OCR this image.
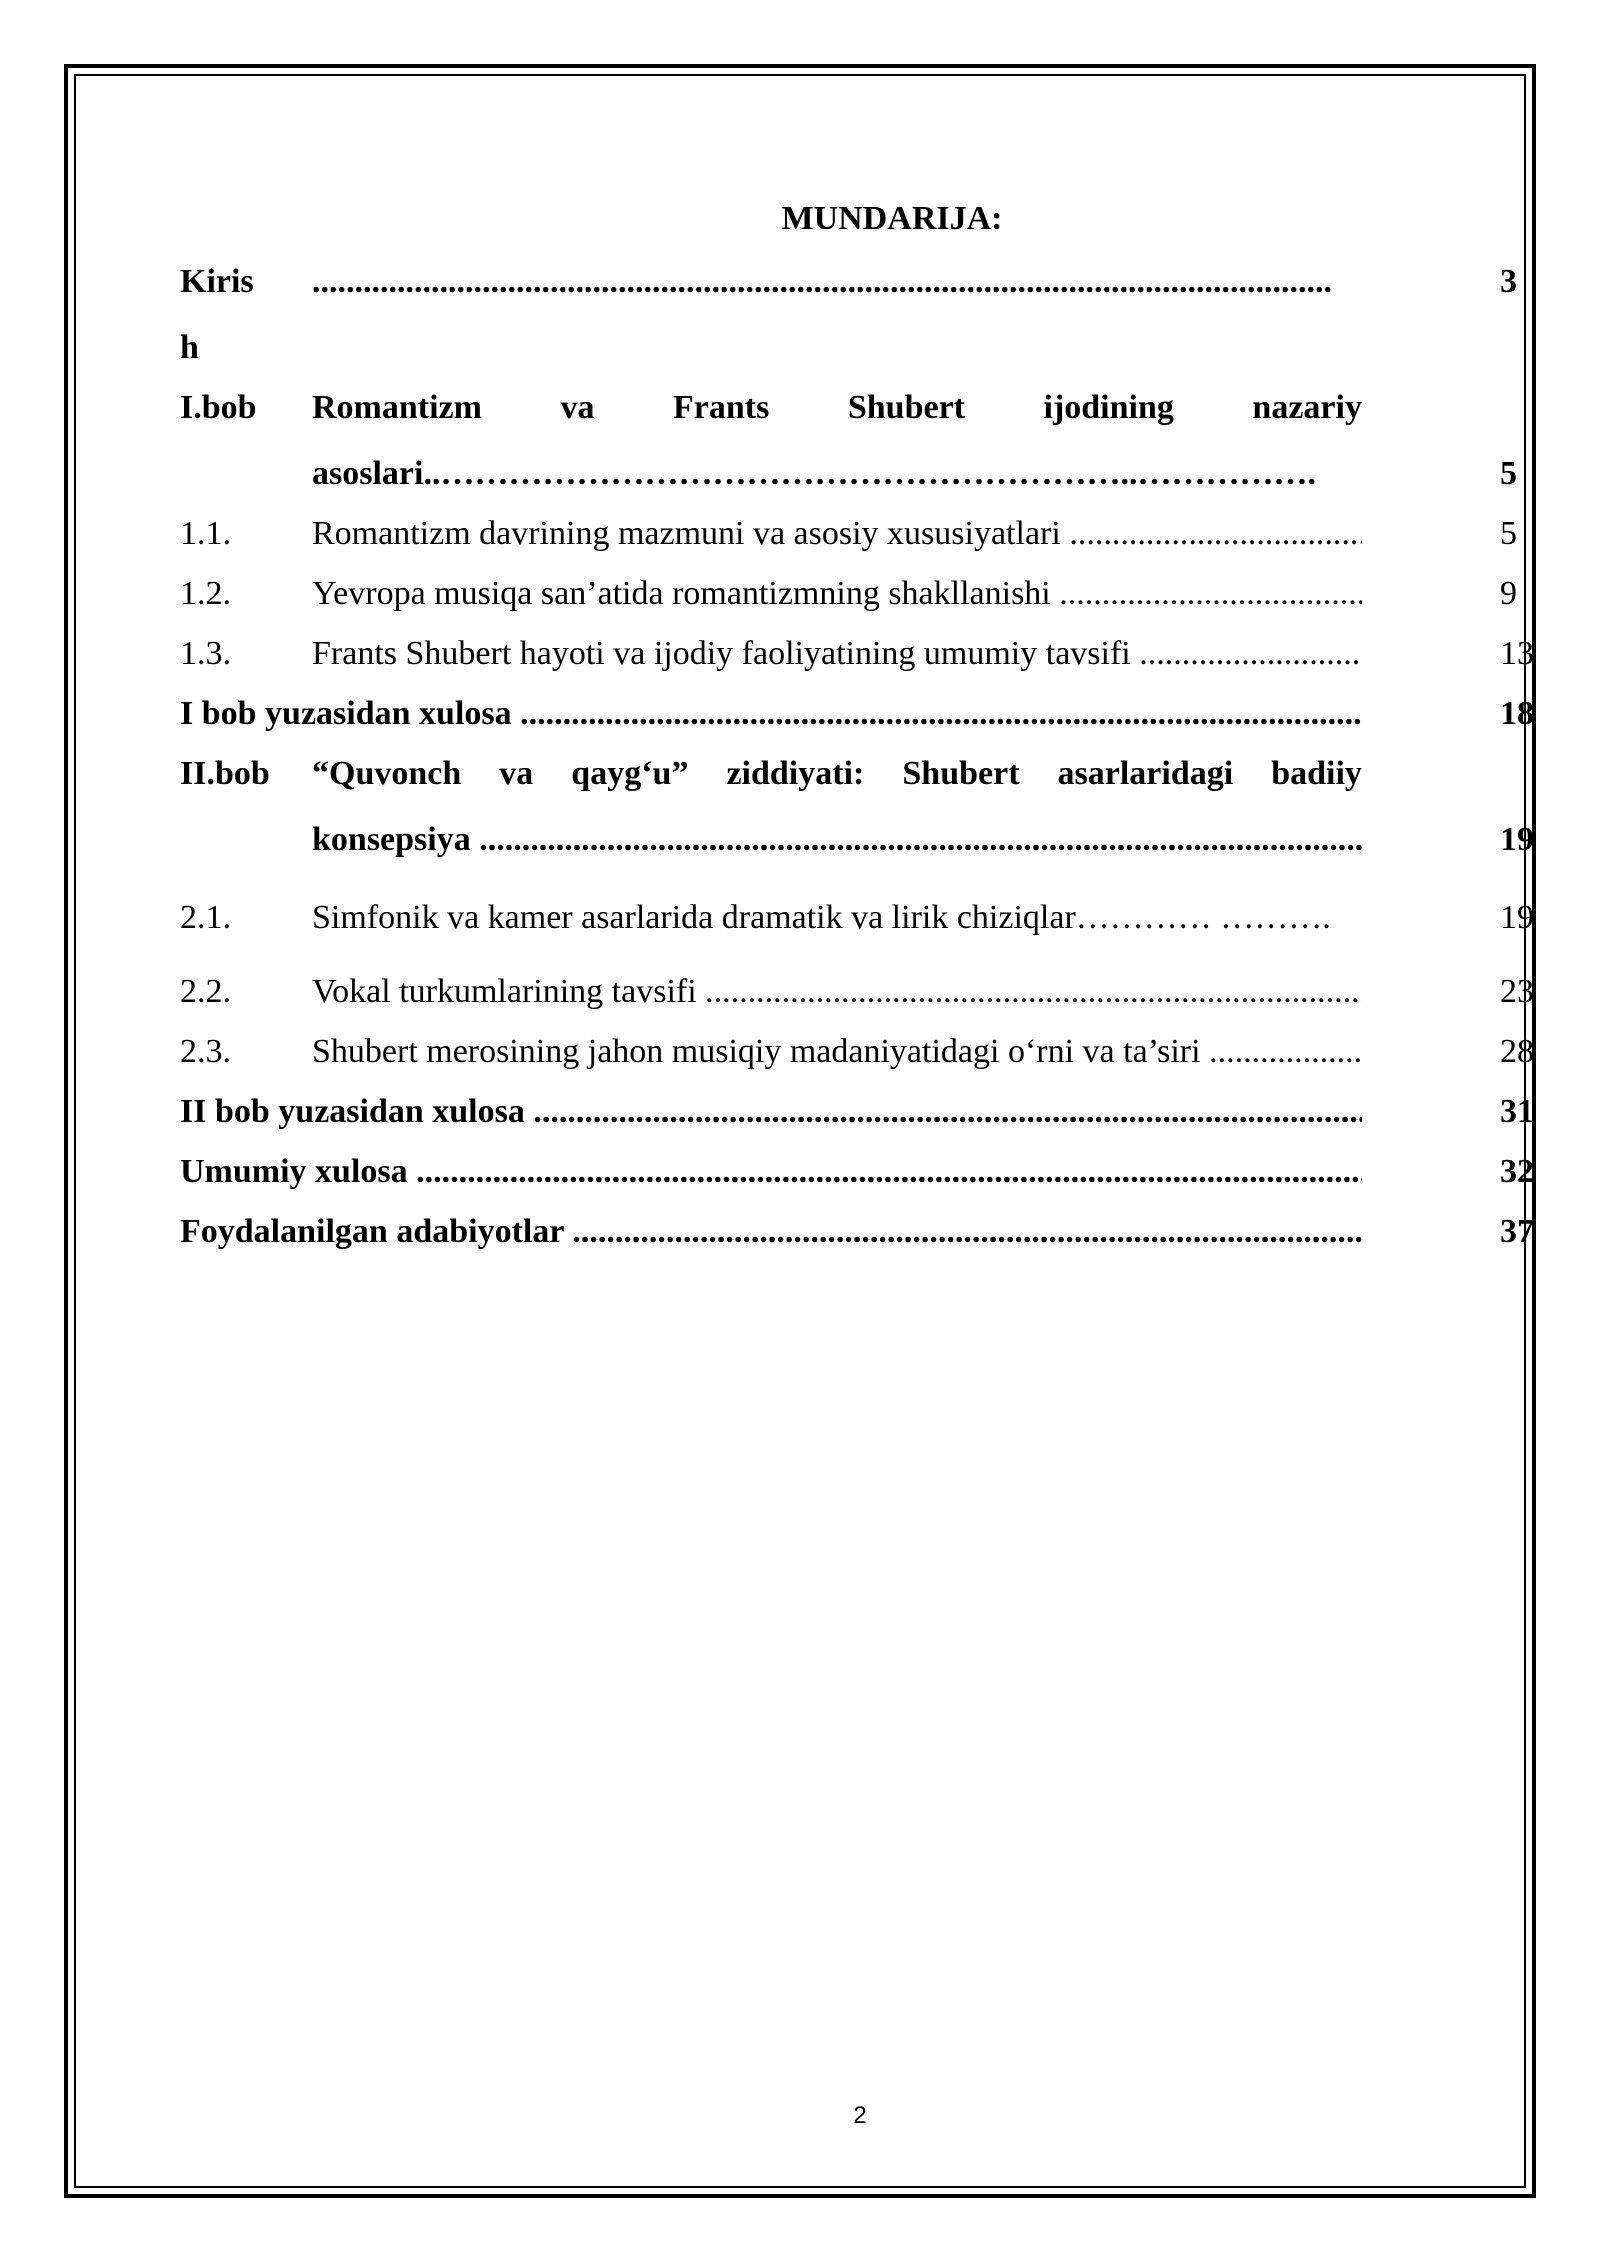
MUNDARIJA:
Kiris ........................................................................................................................	3
h
I.bob Romantizm va Frants Shubert ijodining nazariy
asoslari..……………………………………………………..…………….	5
1.1. Romantizm davrining mazmuni va asosiy xususiyatlari .....	5
1.2. Yevropa musiqa san’atida romantizmning shakllanishi .....	9
1.3. Frants Shubert hayoti va ijodiy faoliyatining umumiy tavsifi .....	13
I bob yuzasidan xulosa .....	18
II.bob “Quvonch va qayg‘u” ziddiyati: Shubert asarlaridagi badiiy
konsepsiya .....	19
2.1. Simfonik va kamer asarlarida dramatik va lirik chiziqlar………… ……….	19
2.2. Vokal turkumlarining tavsifi .....	23
2.3. Shubert merosining jahon musiqiy madaniyatidagi o‘rni va ta’siri .....	28
II bob yuzasidan xulosa .....	31
Umumiy xulosa .....	32
Foydalanilgan adabiyotlar .....	37
2
